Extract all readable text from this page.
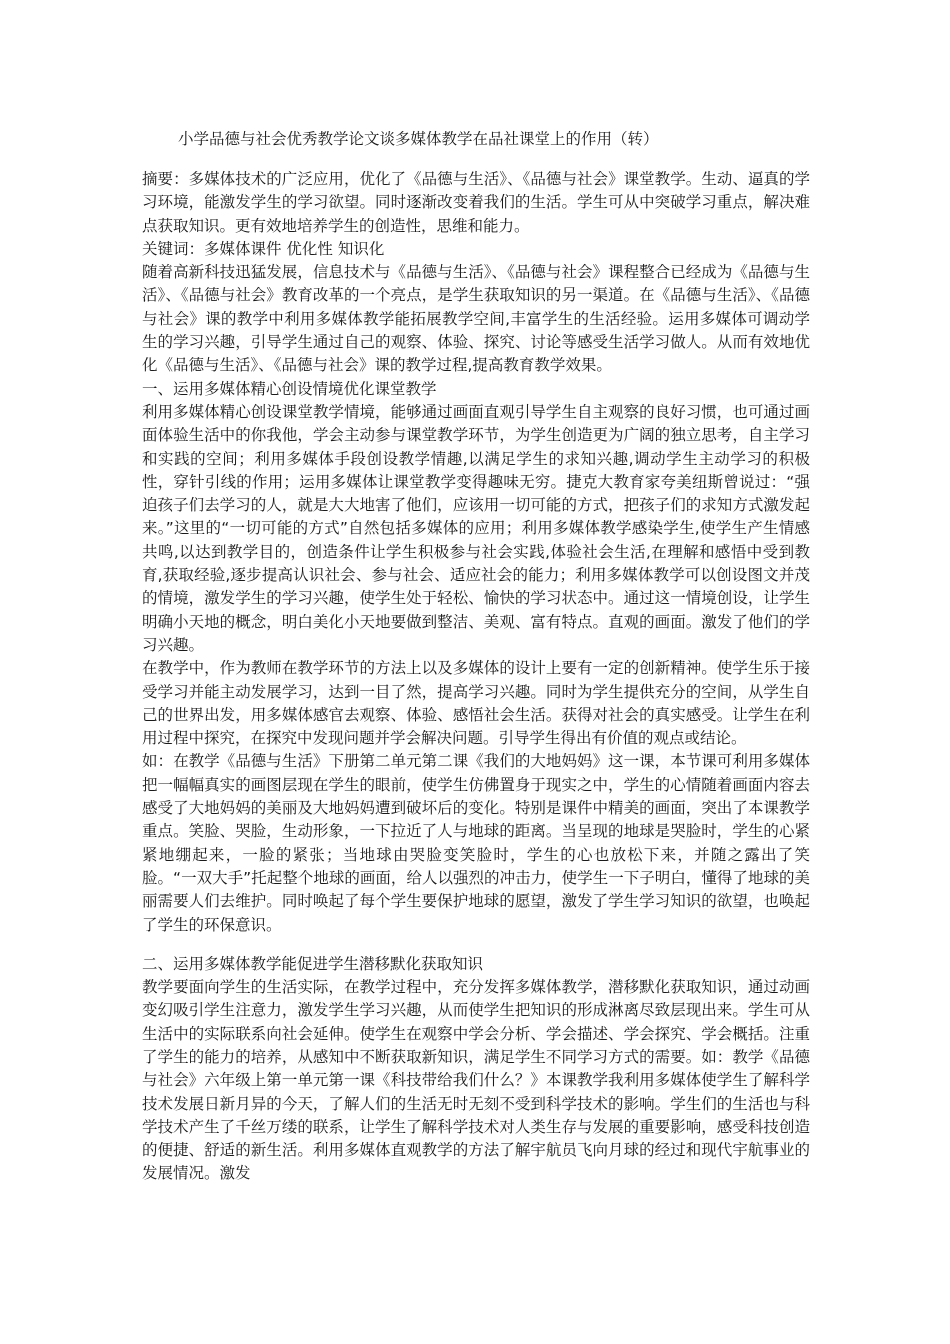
小学品德与社会优秀教学论文谈多媒体教学在品社课堂上的作用（转）

摘要：多媒体技术的广泛应用，优化了《品德与生活》、《品德与社会》课堂教学。生动、逼真的学习环境，能激发学生的学习欲望。同时逐渐改变着我们的生活。学生可从中突破学习重点，解决难点获取知识。更有效地培养学生的创造性，思维和能力。

关键词：多媒体课件 优化性 知识化

随着高新科技迅猛发展，信息技术与《品德与生活》、《品德与社会》课程整合已经成为《品德与生活》、《品德与社会》教育改革的一个亮点，是学生获取知识的另一渠道。在《品德与生活》、《品德与社会》课的教学中利用多媒体教学能拓展教学空间,丰富学生的生活经验。运用多媒体可调动学生的学习兴趣，引导学生通过自己的观察、体验、探究、讨论等感受生活学习做人。从而有效地优化《品德与生活》、《品德与社会》课的教学过程,提高教育教学效果。

一、运用多媒体精心创设情境优化课堂教学

利用多媒体精心创设课堂教学情境，能够通过画面直观引导学生自主观察的良好习惯，也可通过画面体验生活中的你我他，学会主动参与课堂教学环节，为学生创造更为广阔的独立思考，自主学习和实践的空间；利用多媒体手段创设教学情趣,以满足学生的求知兴趣,调动学生主动学习的积极性，穿针引线的作用；运用多媒体让课堂教学变得趣味无穷。捷克大教育家夸美纽斯曾说过：“强迫孩子们去学习的人，就是大大地害了他们，应该用一切可能的方式，把孩子们的求知方式激发起来。”这里的“一切可能的方式”自然包括多媒体的应用；利用多媒体教学感染学生,使学生产生情感共鸣,以达到教学目的，创造条件让学生积极参与社会实践,体验社会生活,在理解和感悟中受到教育,获取经验,逐步提高认识社会、参与社会、适应社会的能力；利用多媒体教学可以创设图文并茂的情境，激发学生的学习兴趣，使学生处于轻松、愉快的学习状态中。通过这一情境创设，让学生明确小天地的概念，明白美化小天地要做到整洁、美观、富有特点。直观的画面。激发了他们的学习兴趣。

在教学中，作为教师在教学环节的方法上以及多媒体的设计上要有一定的创新精神。使学生乐于接受学习并能主动发展学习，达到一目了然，提高学习兴趣。同时为学生提供充分的空间，从学生自己的世界出发，用多媒体感官去观察、体验、感悟社会生活。获得对社会的真实感受。让学生在利用过程中探究，在探究中发现问题并学会解决问题。引导学生得出有价值的观点或结论。

如：在教学《品德与生活》下册第二单元第二课《我们的大地妈妈》这一课，本节课可利用多媒体把一幅幅真实的画图层现在学生的眼前，使学生仿佛置身于现实之中，学生的心情随着画面内容去感受了大地妈妈的美丽及大地妈妈遭到破坏后的变化。特别是课件中精美的画面，突出了本课教学重点。笑脸、哭脸，生动形象，一下拉近了人与地球的距离。当呈现的地球是哭脸时，学生的心紧紧地绷起来，一脸的紧张；当地球由哭脸变笑脸时，学生的心也放松下来，并随之露出了笑脸。“一双大手”托起整个地球的画面，给人以强烈的冲击力，使学生一下子明白，懂得了地球的美丽需要人们去维护。同时唤起了每个学生要保护地球的愿望，激发了学生学习知识的欲望，也唤起了学生的环保意识。

二、运用多媒体教学能促进学生潜移默化获取知识

教学要面向学生的生活实际，在教学过程中，充分发挥多媒体教学，潜移默化获取知识，通过动画变幻吸引学生注意力，激发学生学习兴趣，从而使学生把知识的形成淋离尽致层现出来。学生可从生活中的实际联系向社会延伸。使学生在观察中学会分析、学会描述、学会探究、学会概括。注重了学生的能力的培养，从感知中不断获取新知识，满足学生不同学习方式的需要。如：教学《品德与社会》六年级上第一单元第一课《科技带给我们什么？》本课教学我利用多媒体使学生了解科学技术发展日新月异的今天，了解人们的生活无时无刻不受到科学技术的影响。学生们的生活也与科学技术产生了千丝万缕的联系，让学生了解科学技术对人类生存与发展的重要影响，感受科技创造的便捷、舒适的新生活。利用多媒体直观教学的方法了解宇航员飞向月球的经过和现代宇航事业的发展情况。激发
